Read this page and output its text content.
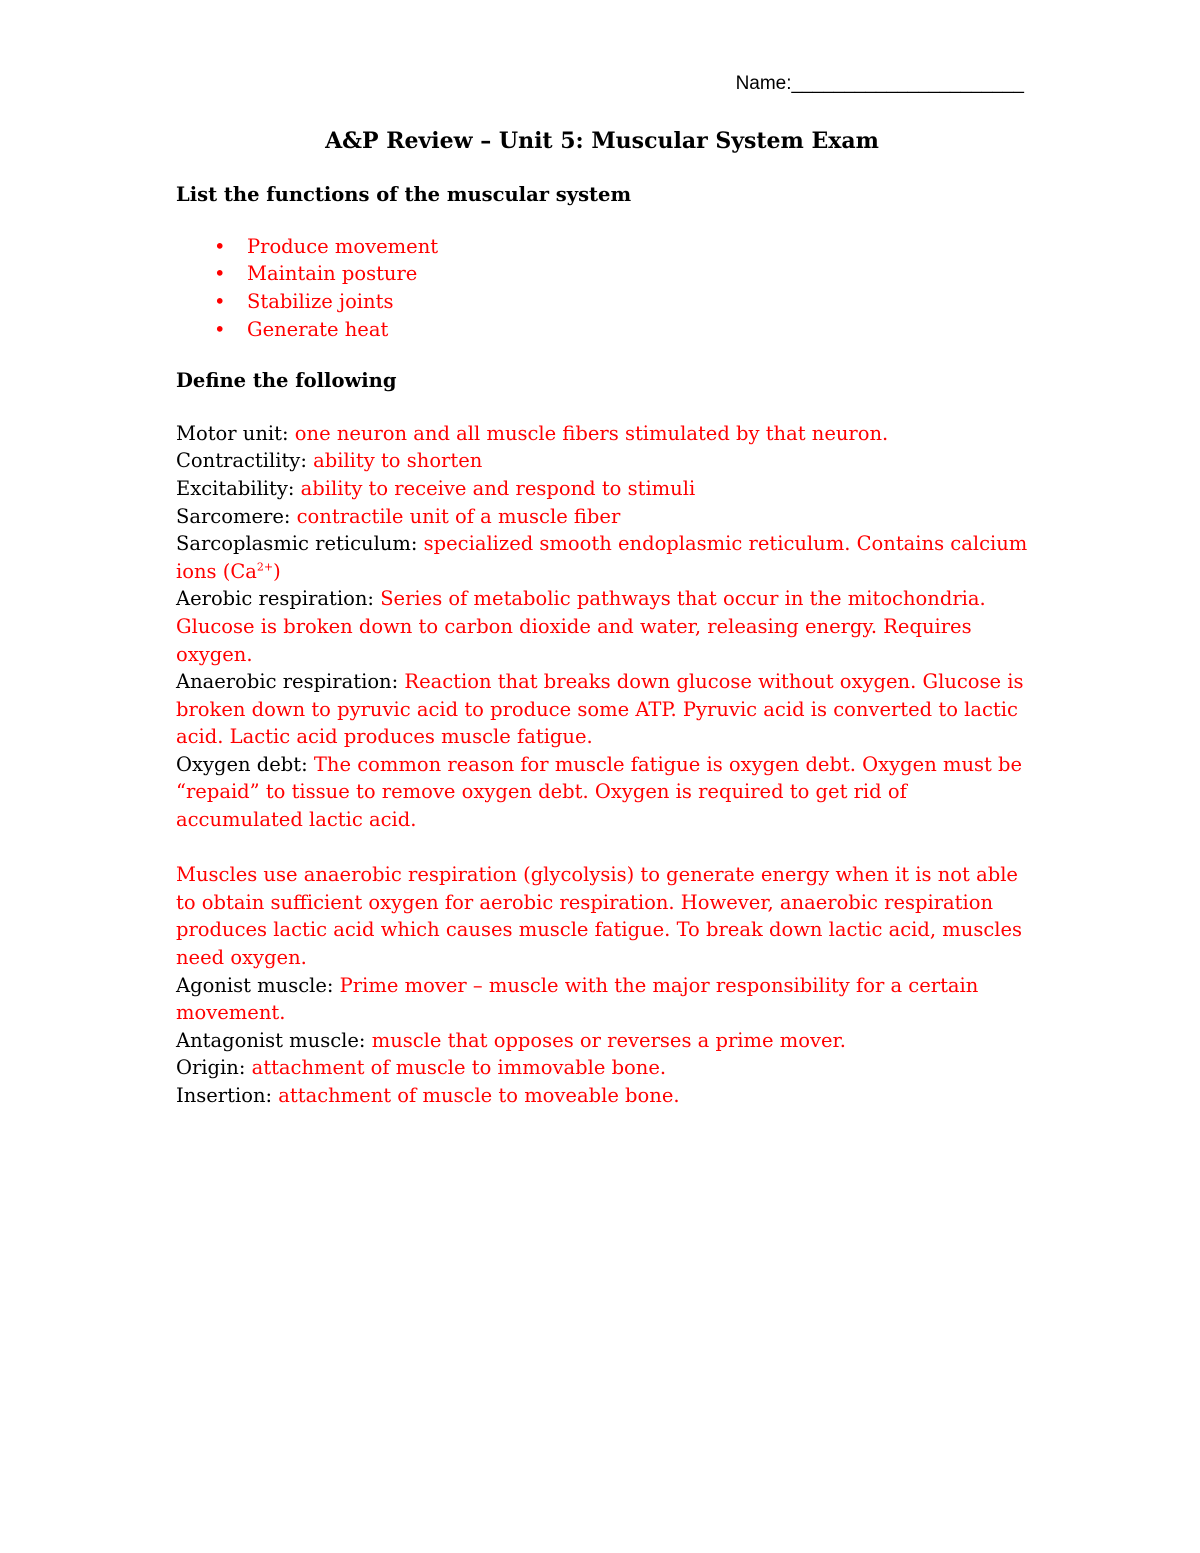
Name:______________________
A&P Review – Unit 5: Muscular System Exam
List the functions of the muscular system
• Produce movement
• Maintain posture
• Stabilize joints
• Generate heat
Define the following

Motor unit: one neuron and all muscle fibers stimulated by that neuron.

Contractility: ability to shorten

Excitability: ability to receive and respond to stimuli

Sarcomere: contractile unit of a muscle fiber

Sarcoplasmic reticulum: specialized smooth endoplasmic reticulum. Contains calcium ions $(Ca^{2+})$

Aerobic respiration: Series of metabolic pathways that occur in the mitochondria. Glucose is broken down to carbon dioxide and water, releasing energy. Requires oxygen.

Anaerobic respiration: Reaction that breaks down glucose without oxygen. Glucose is broken down to pyruvic acid to produce some ATP. Pyruvic acid is converted to lactic acid. Lactic acid produces muscle fatigue.

Oxygen debt: The common reason for muscle fatigue is oxygen debt. Oxygen must be “repaid” to tissue to remove oxygen debt. Oxygen is required to get rid of accumulated lactic acid.

Muscles use anaerobic respiration (glycolysis) to generate energy when it is not able to obtain sufficient oxygen for aerobic respiration. However, anaerobic respiration produces lactic acid which causes muscle fatigue. To break down lactic acid, muscles need oxygen.

Agonist muscle: Prime mover – muscle with the major responsibility for a certain movement.

Antagonist muscle: muscle that opposes or reverses a prime mover.

Origin: attachment of muscle to immovable bone.

Insertion: attachment of muscle to moveable bone.
